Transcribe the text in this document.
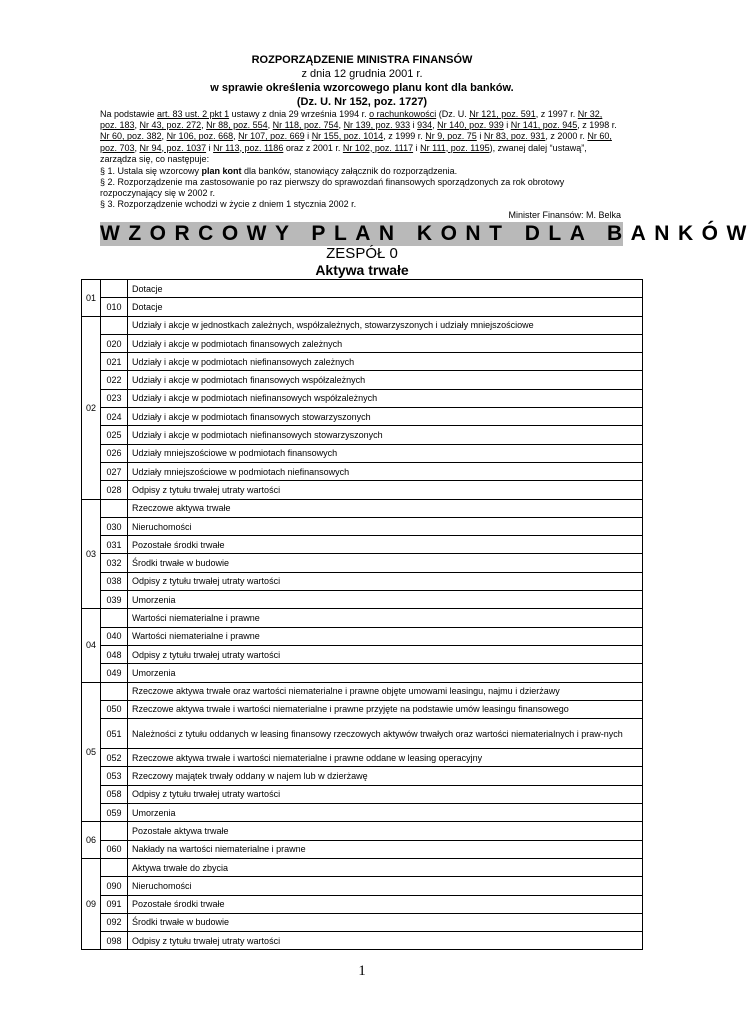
ROZPORZĄDZENIE MINISTRA FINANSÓW
z dnia 12 grudnia 2001 r.
w sprawie określenia wzorcowego planu kont dla banków.
(Dz. U. Nr 152, poz. 1727)
Na podstawie art. 83 ust. 2 pkt 1 ustawy z dnia 29 września 1994 r. o rachunkowości (Dz. U. Nr 121, poz. 591, z 1997 r. Nr 32, poz. 183, Nr 43, poz. 272, Nr 88, poz. 554, Nr 118, poz. 754, Nr 139, poz. 933 i 934, Nr 140, poz. 939 i Nr 141, poz. 945, z 1998 r. Nr 60, poz. 382, Nr 106, poz. 668, Nr 107, poz. 669 i Nr 155, poz. 1014, z 1999 r. Nr 9, poz. 75 i Nr 83, poz. 931, z 2000 r. Nr 60, poz. 703, Nr 94, poz. 1037 i Nr 113, poz. 1186 oraz z 2001 r. Nr 102, poz. 1117 i Nr 111, poz. 1195), zwanej dalej “ustawą”, zarządza się, co następuje:
§ 1. Ustala się wzorcowy plan kont dla banków, stanowiący załącznik do rozporządzenia.
§ 2. Rozporządzenie ma zastosowanie po raz pierwszy do sprawozdań finansowych sporządzonych za rok obrotowy rozpoczynający się w 2002 r.
§ 3. Rozporządzenie wchodzi w życie z dniem 1 stycznia 2002 r.
Minister Finansów: M. Belka
WZORCOWY PLAN KONT DLA BANKÓW
ZESPÓŁ 0
Aktywa trwałe
01		Dotacje
	010	Dotacje
02		Udziały i akcje w jednostkach zależnych, współzależnych, stowarzyszonych i udziały mniejszościowe
	020	Udziały i akcje w podmiotach finansowych zależnych
	021	Udziały i akcje w podmiotach niefinansowych zależnych
	022	Udziały i akcje w podmiotach finansowych współzależnych
	023	Udziały i akcje w podmiotach niefinansowych współzależnych
	024	Udziały i akcje w podmiotach finansowych stowarzyszonych
	025	Udziały i akcje w podmiotach niefinansowych stowarzyszonych
	026	Udziały mniejszościowe w podmiotach finansowych
	027	Udziały mniejszościowe w podmiotach niefinansowych
	028	Odpisy z tytułu trwałej utraty wartości
03		Rzeczowe aktywa trwałe
	030	Nieruchomości
	031	Pozostałe środki trwałe
	032	Środki trwałe w budowie
	038	Odpisy z tytułu trwałej utraty wartości
	039	Umorzenia
04		Wartości niematerialne i prawne
	040	Wartości niematerialne i prawne
	048	Odpisy z tytułu trwałej utraty wartości
	049	Umorzenia
05		Rzeczowe aktywa trwałe oraz wartości niematerialne i prawne objęte umowami leasingu, najmu i dzierżawy
	050	Rzeczowe aktywa trwałe i wartości niematerialne i prawne przyjęte na podstawie umów leasingu finansowego
	051	Należności z tytułu oddanych w leasing finansowy rzeczowych aktywów trwałych oraz wartości niematerialnych i praw-nych
	052	Rzeczowe aktywa trwałe i wartości niematerialne i prawne oddane w leasing operacyjny
	053	Rzeczowy majątek trwały oddany w najem lub w dzierżawę
	058	Odpisy z tytułu trwałej utraty wartości
	059	Umorzenia
06		Pozostałe aktywa trwałe
	060	Nakłady na wartości niematerialne i prawne
09		Aktywa trwałe do zbycia
	090	Nieruchomości
	091	Pozostałe środki trwałe
	092	Środki trwałe w budowie
	098	Odpisy z tytułu trwałej utraty wartości
1
